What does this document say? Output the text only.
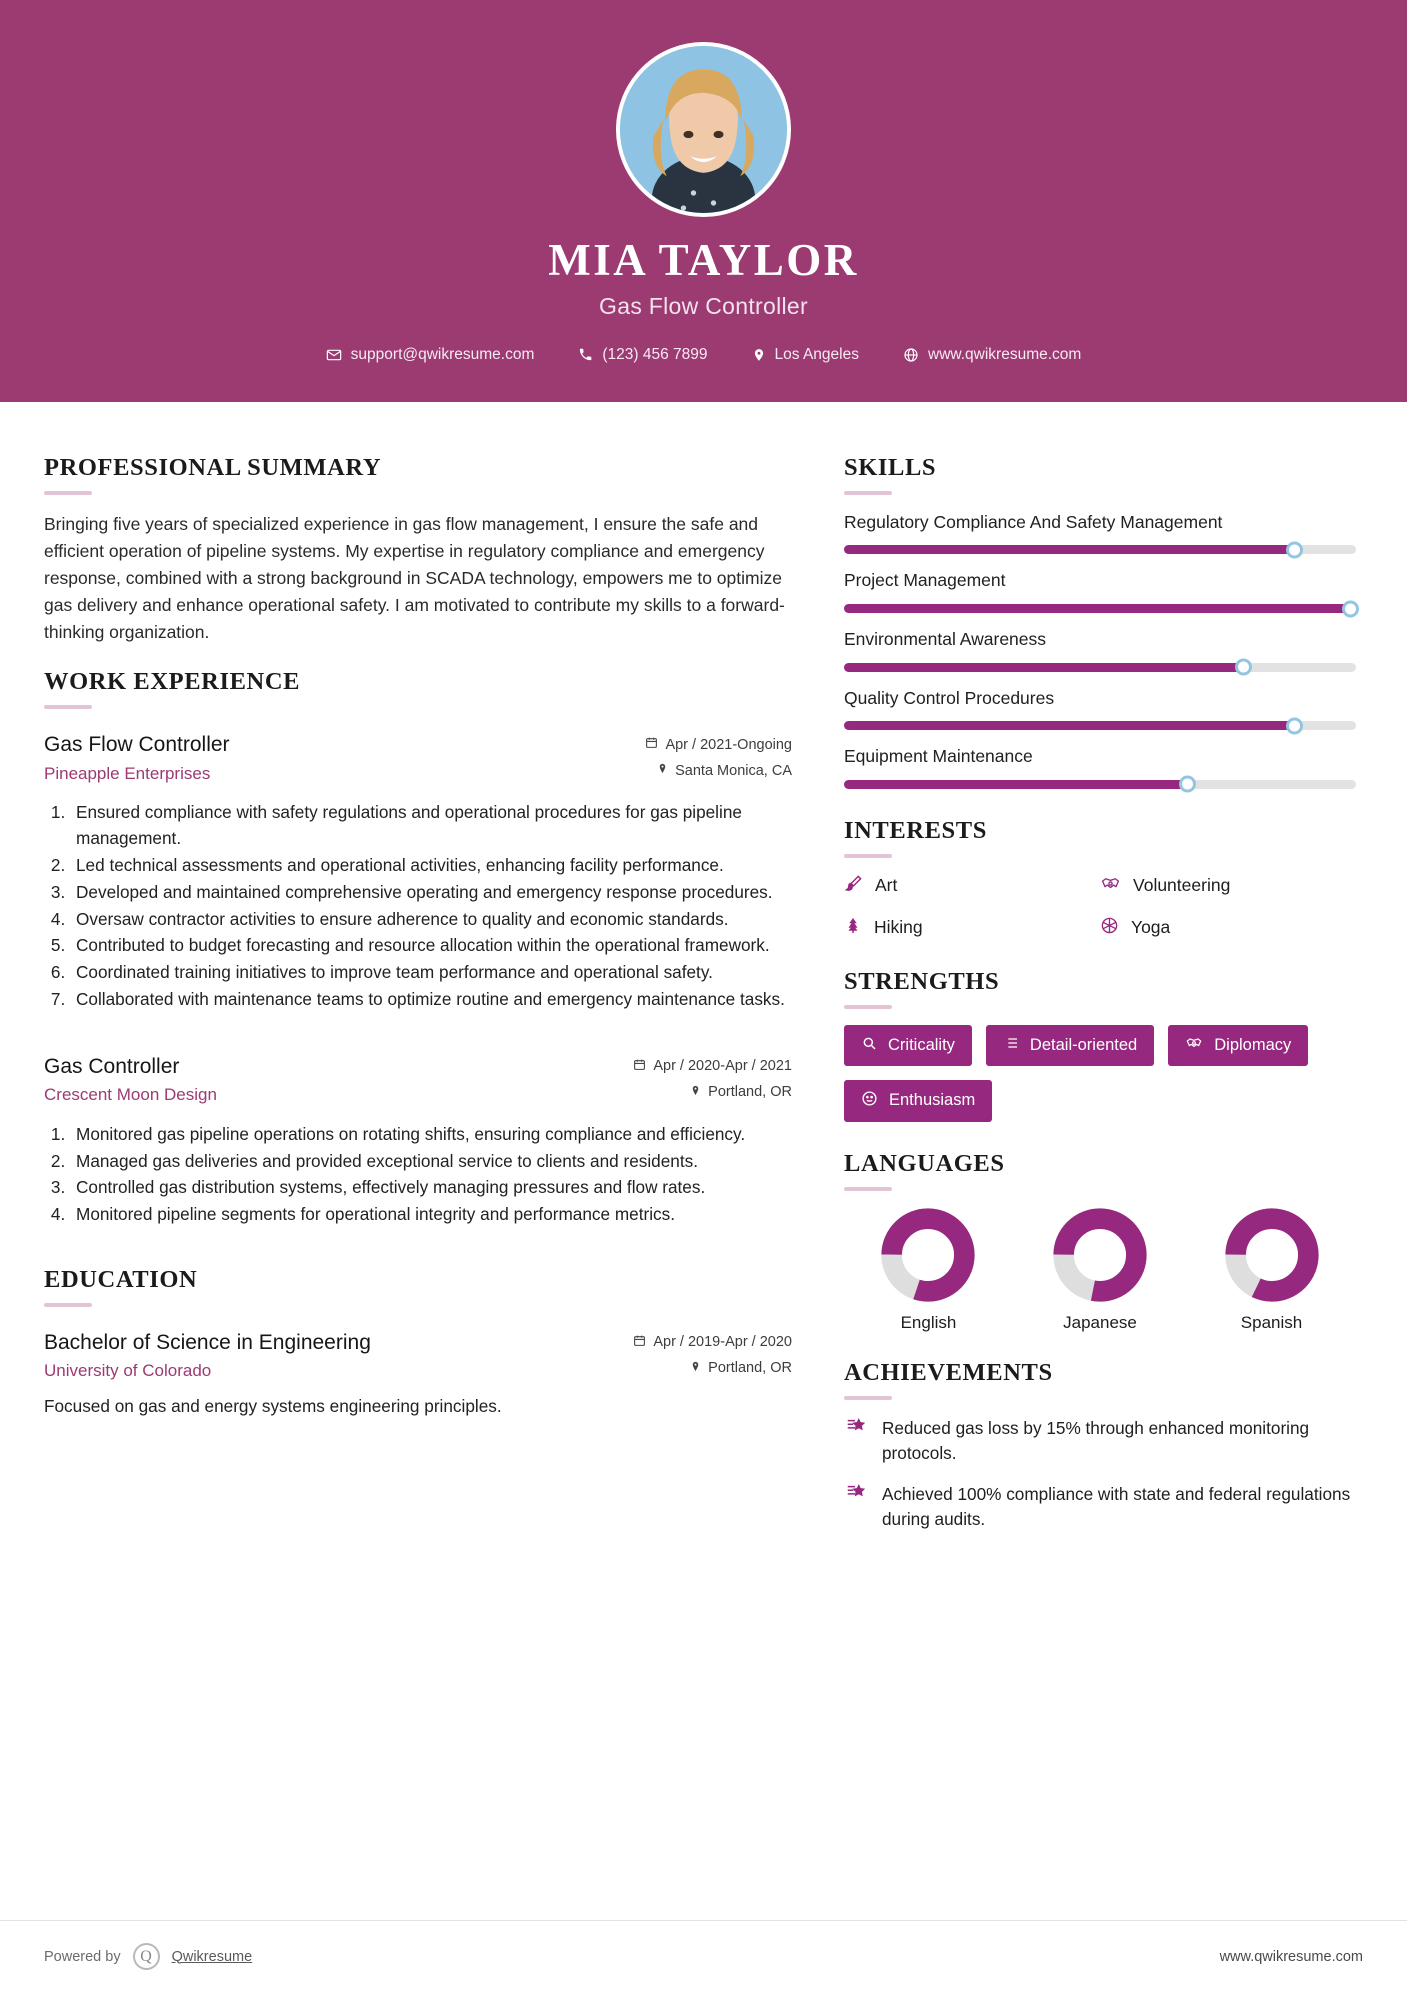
MIA TAYLOR
Gas Flow Controller
support@qwikresume.com	(123) 456 7899	Los Angeles	www.qwikresume.com
PROFESSIONAL SUMMARY

Bringing five years of specialized experience in gas flow management, I ensure the safe and efficient operation of pipeline systems. My expertise in regulatory compliance and emergency response, combined with a strong background in SCADA technology, empowers me to optimize gas delivery and enhance operational safety. I am motivated to contribute my skills to a forward-thinking organization.

WORK EXPERIENCE
Gas Flow Controller
Pineapple Enterprises
Apr / 2021-Ongoing
Santa Monica, CA
1. Ensured compliance with safety regulations and operational procedures for gas pipeline management.
2. Led technical assessments and operational activities, enhancing facility performance.
3. Developed and maintained comprehensive operating and emergency response procedures.
4. Oversaw contractor activities to ensure adherence to quality and economic standards.
5. Contributed to budget forecasting and resource allocation within the operational framework.
6. Coordinated training initiatives to improve team performance and operational safety.
7. Collaborated with maintenance teams to optimize routine and emergency maintenance tasks.
Gas Controller
Crescent Moon Design
Apr / 2020-Apr / 2021
Portland, OR
1. Monitored gas pipeline operations on rotating shifts, ensuring compliance and efficiency.
2. Managed gas deliveries and provided exceptional service to clients and residents.
3. Controlled gas distribution systems, effectively managing pressures and flow rates.
4. Monitored pipeline segments for operational integrity and performance metrics.
EDUCATION
Bachelor of Science in Engineering
University of Colorado
Apr / 2019-Apr / 2020
Portland, OR
Focused on gas and energy systems engineering principles.
SKILLS
Regulatory Compliance And Safety Management
Project Management
Environmental Awareness
Quality Control Procedures
Equipment Maintenance
INTERESTS
Art	Volunteering
Hiking	Yoga
STRENGTHS
Criticality	Detail-oriented	Diplomacy
Enthusiasm
LANGUAGES
English	Japanese	Spanish
ACHIEVEMENTS
Reduced gas loss by 15% through enhanced monitoring protocols.
Achieved 100% compliance with state and federal regulations during audits.
Powered by	Q	Qwikresume	www.qwikresume.com
